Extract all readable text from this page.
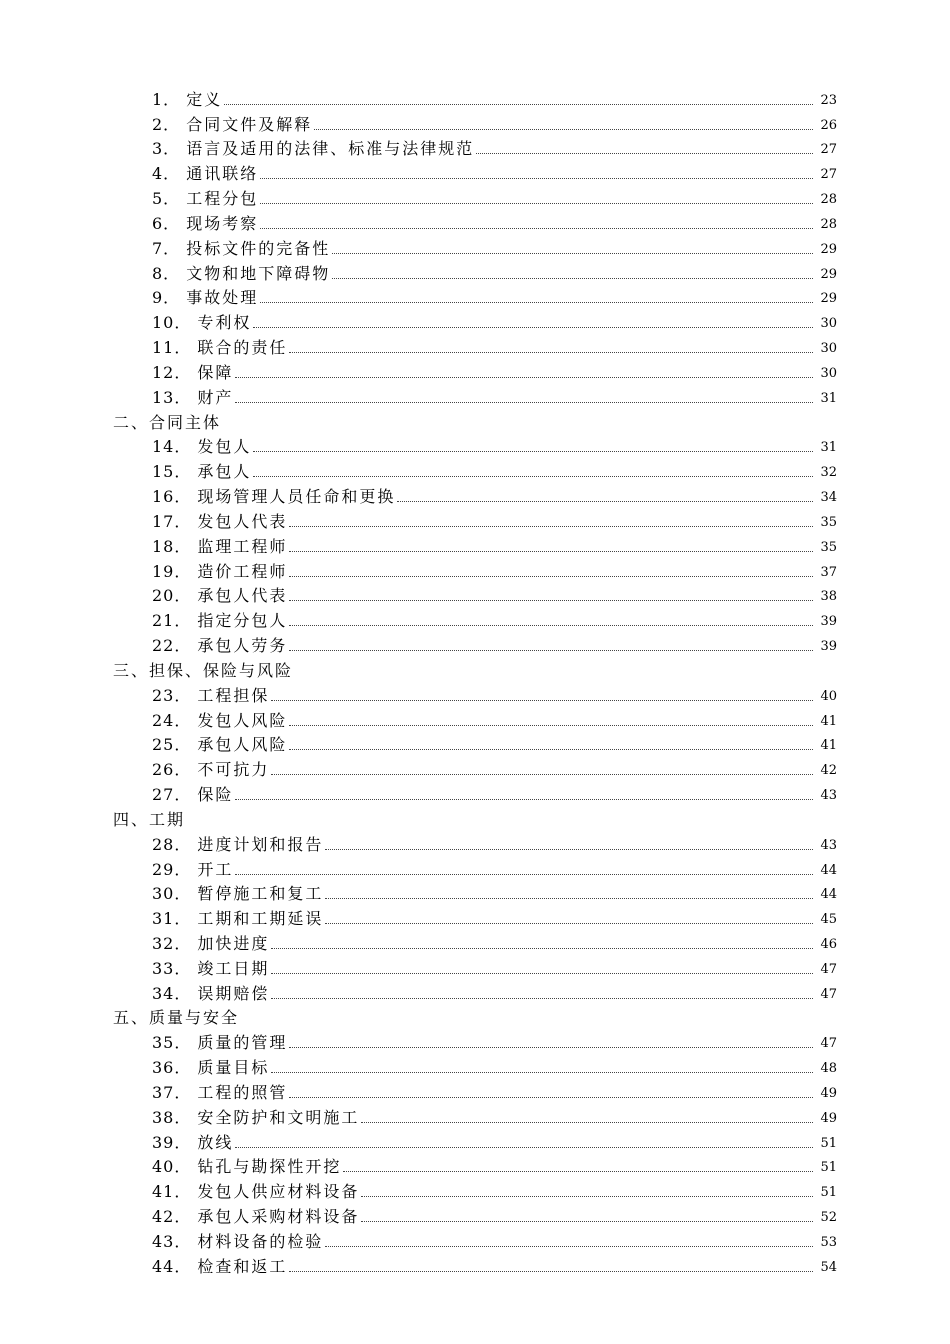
1． 定义	23
2． 合同文件及解释	26
3． 语言及适用的法律、标准与法律规范	27
4． 通讯联络	27
5． 工程分包	28
6． 现场考察	28
7． 投标文件的完备性	29
8． 文物和地下障碍物	29
9． 事故处理	29
10． 专利权	30
11． 联合的责任	30
12． 保障	30
13． 财产	31
二、合同主体
14． 发包人	31
15． 承包人	32
16． 现场管理人员任命和更换	34
17． 发包人代表	35
18． 监理工程师	35
19． 造价工程师	37
20． 承包人代表	38
21． 指定分包人	39
22． 承包人劳务	39
三、担保、保险与风险
23． 工程担保	40
24． 发包人风险	41
25． 承包人风险	41
26． 不可抗力	42
27． 保险	43
四、工期
28． 进度计划和报告	43
29． 开工	44
30． 暂停施工和复工	44
31． 工期和工期延误	45
32． 加快进度	46
33． 竣工日期	47
34． 误期赔偿	47
五、质量与安全
35． 质量的管理	47
36． 质量目标	48
37． 工程的照管	49
38． 安全防护和文明施工	49
39． 放线	51
40． 钻孔与勘探性开挖	51
41． 发包人供应材料设备	51
42． 承包人采购材料设备	52
43． 材料设备的检验	53
44． 检查和返工	54
